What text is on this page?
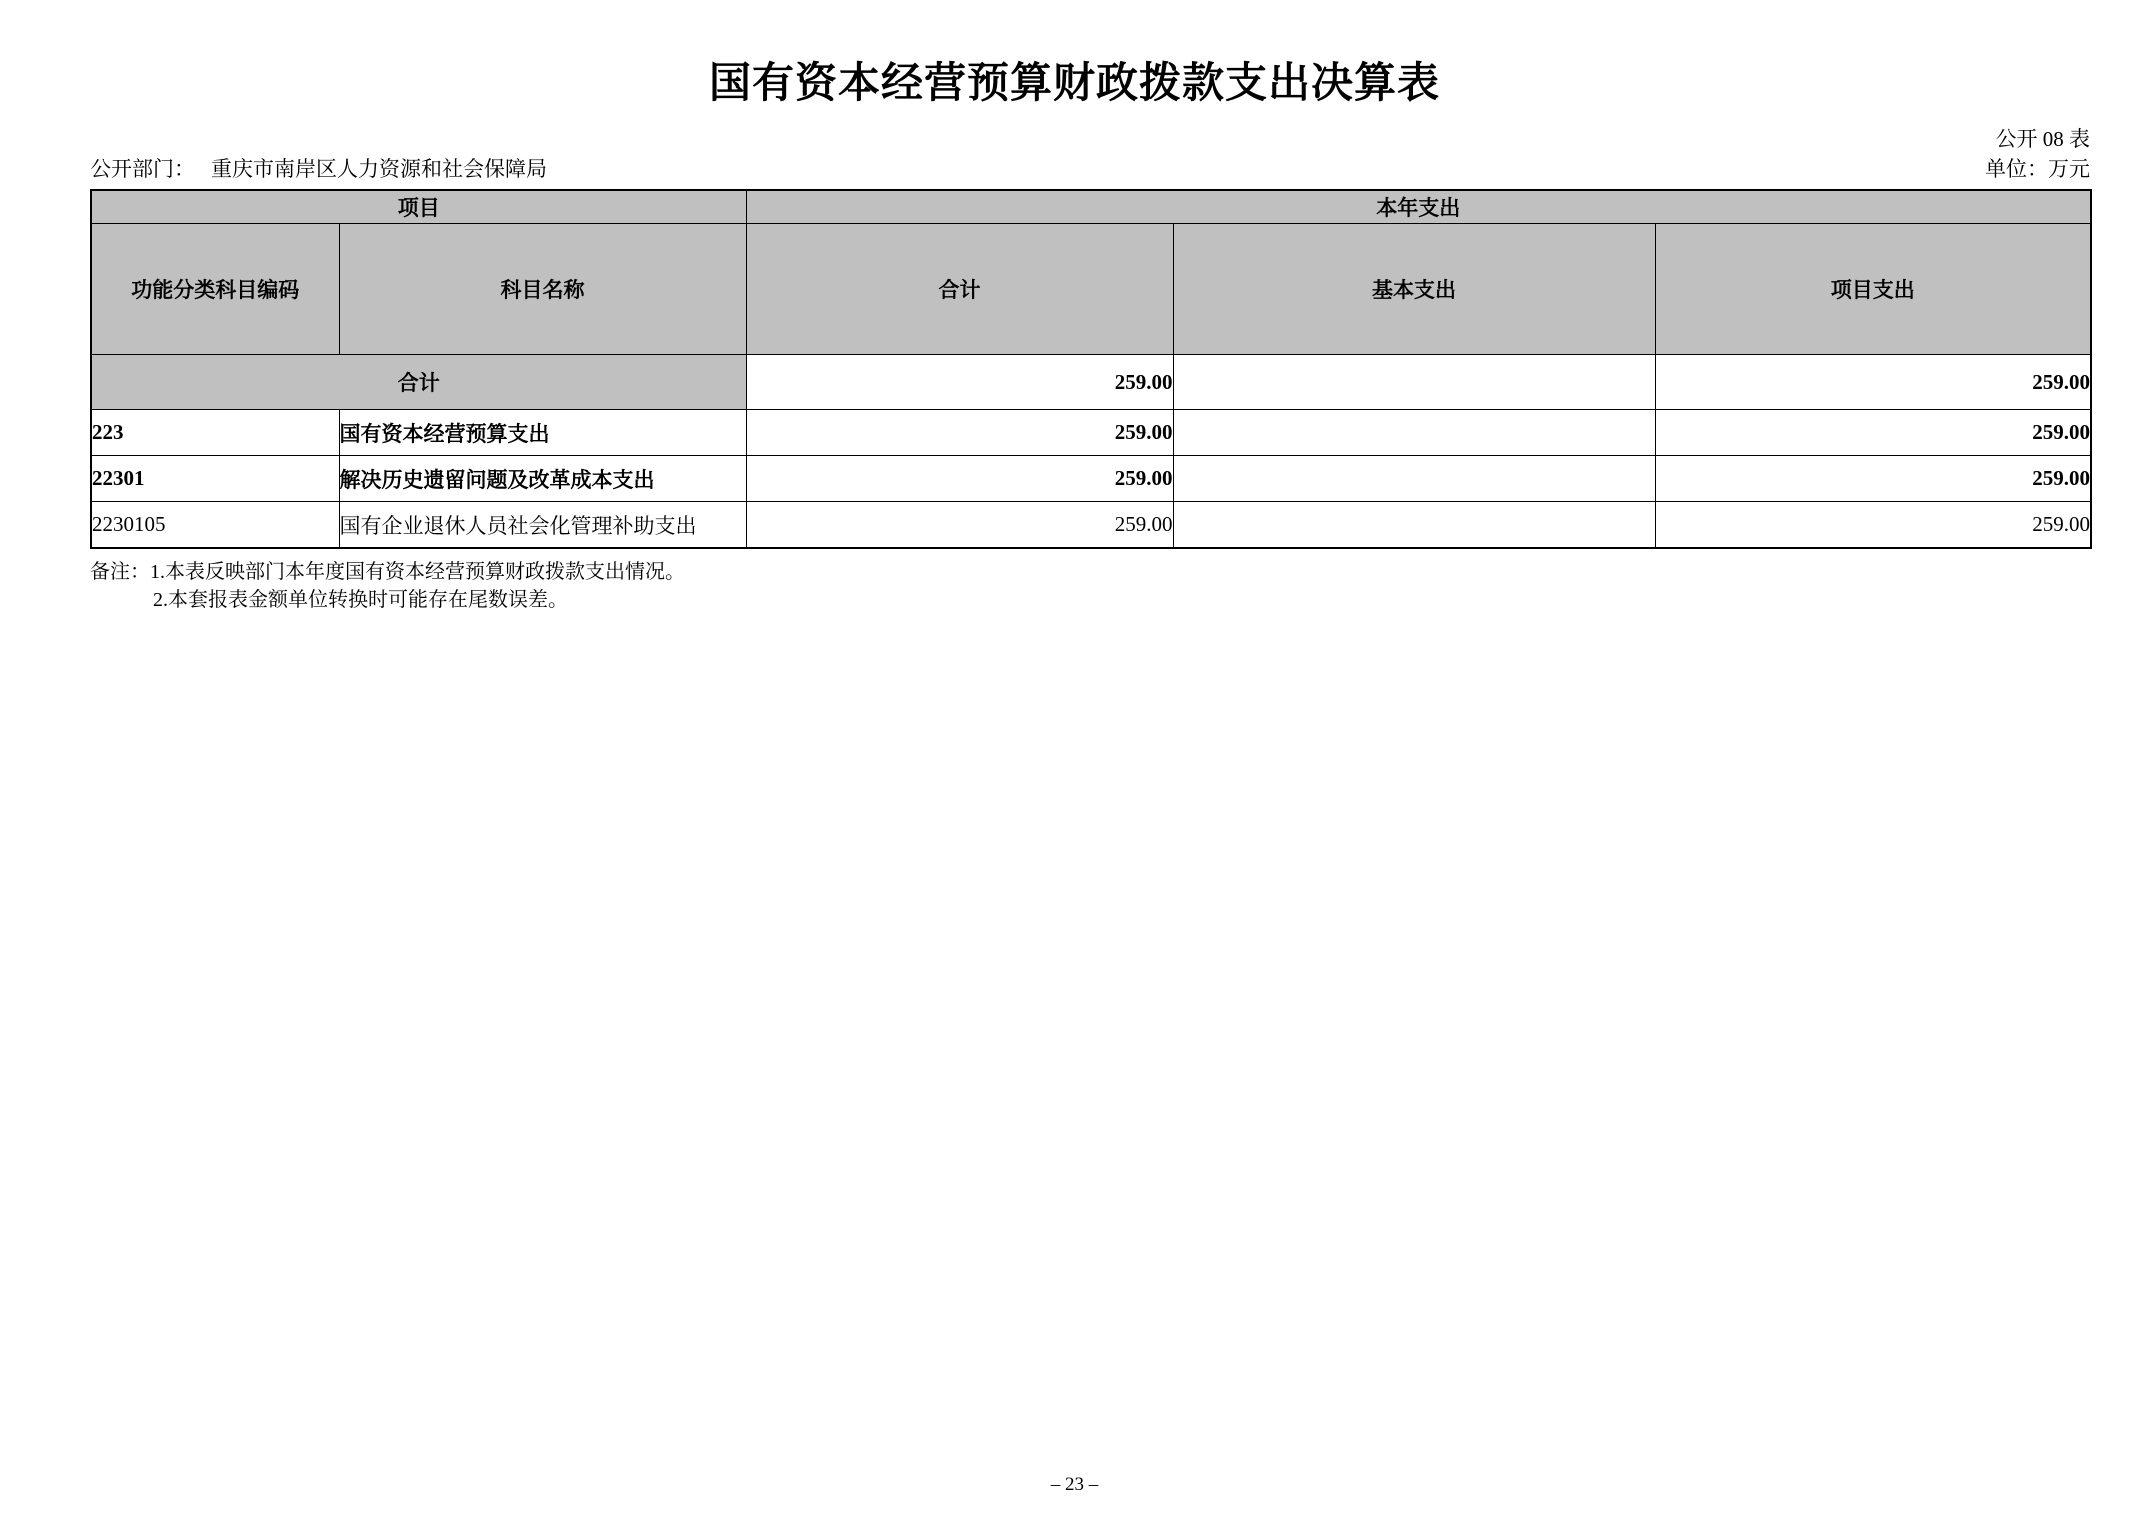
国有资本经营预算财政拨款支出决算表
公开 08 表
公开部门： 重庆市南岸区人力资源和社会保障局	单位：万元
项目		本年支出		
功能分类科目编码	科目名称	合计	基本支出	项目支出
合计		259.00		259.00
223	国有资本经营预算支出	259.00		259.00
22301	解决历史遗留问题及改革成本支出	259.00		259.00
2230105	国有企业退休人员社会化管理补助支出	259.00		259.00
备注：1.本表反映部门本年度国有资本经营预算财政拨款支出情况。
2.本套报表金额单位转换时可能存在尾数误差。
– 23 –
